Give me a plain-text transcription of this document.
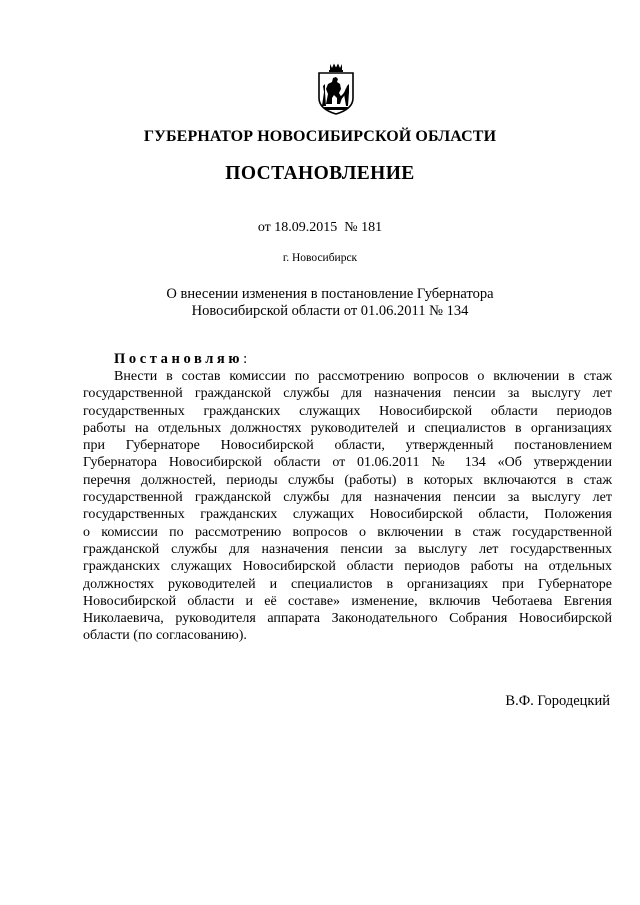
ГУБЕРНАТОР НОВОСИБИРСКОЙ ОБЛАСТИ
ПОСТАНОВЛЕНИЕ
от 18.09.2015  № 181
г. Новосибирск
О внесении изменения в постановление Губернатора
Новосибирской области от 01.06.2011 № 134
Постановляю:
Внести в состав комиссии по рассмотрению вопросов о включении в стаж
государственной гражданской службы для назначения пенсии за выслугу лет
государственных гражданских служащих Новосибирской области периодов
работы на отдельных должностях руководителей и специалистов в организациях
при Губернаторе Новосибирской области, утвержденный постановлением
Губернатора Новосибирской области от 01.06.2011 № 134 «Об утверждении
перечня должностей, периоды службы (работы) в которых включаются в стаж
государственной гражданской службы для назначения пенсии за выслугу лет
государственных гражданских служащих Новосибирской области, Положения
о комиссии по рассмотрению вопросов о включении в стаж государственной
гражданской службы для назначения пенсии за выслугу лет государственных
гражданских служащих Новосибирской области периодов работы на отдельных
должностях руководителей и специалистов в организациях при Губернаторе
Новосибирской области и её составе» изменение, включив Чеботаева Евгения
Николаевича, руководителя аппарата Законодательного Собрания Новосибирской
области (по согласованию).
В.Ф. Городецкий
